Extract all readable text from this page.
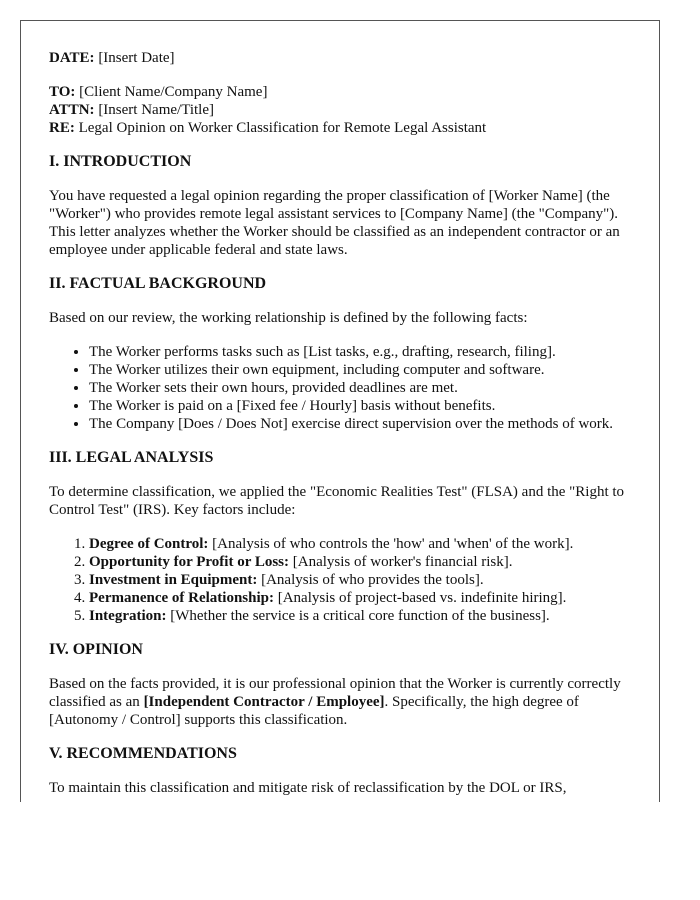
DATE: [Insert Date]

TO: [Client Name/Company Name]

ATTN: [Insert Name/Title]

RE: Legal Opinion on Worker Classification for Remote Legal Assistant

I. INTRODUCTION

You have requested a legal opinion regarding the proper classification of [Worker Name] (the "Worker") who provides remote legal assistant services to [Company Name] (the "Company"). This letter analyzes whether the Worker should be classified as an independent contractor or an employee under applicable federal and state laws.

II. FACTUAL BACKGROUND

Based on our review, the working relationship is defined by the following facts:

• The Worker performs tasks such as [List tasks, e.g., drafting, research, filing].
• The Worker utilizes their own equipment, including computer and software.
• The Worker sets their own hours, provided deadlines are met.
• The Worker is paid on a [Fixed fee / Hourly] basis without benefits.
• The Company [Does / Does Not] exercise direct supervision over the methods of work.
III. LEGAL ANALYSIS

To determine classification, we applied the "Economic Realities Test" (FLSA) and the "Right to Control Test" (IRS). Key factors include:

1. Degree of Control: [Analysis of who controls the 'how' and 'when' of the work].
2. Opportunity for Profit or Loss: [Analysis of worker's financial risk].
3. Investment in Equipment: [Analysis of who provides the tools].
4. Permanence of Relationship: [Analysis of project-based vs. indefinite hiring].
5. Integration: [Whether the service is a critical core function of the business].
IV. OPINION

Based on the facts provided, it is our professional opinion that the Worker is currently correctly classified as an [Independent Contractor / Employee]. Specifically, the high degree of [Autonomy / Control] supports this classification.

V. RECOMMENDATIONS

To maintain this classification and mitigate risk of reclassification by the DOL or IRS,
